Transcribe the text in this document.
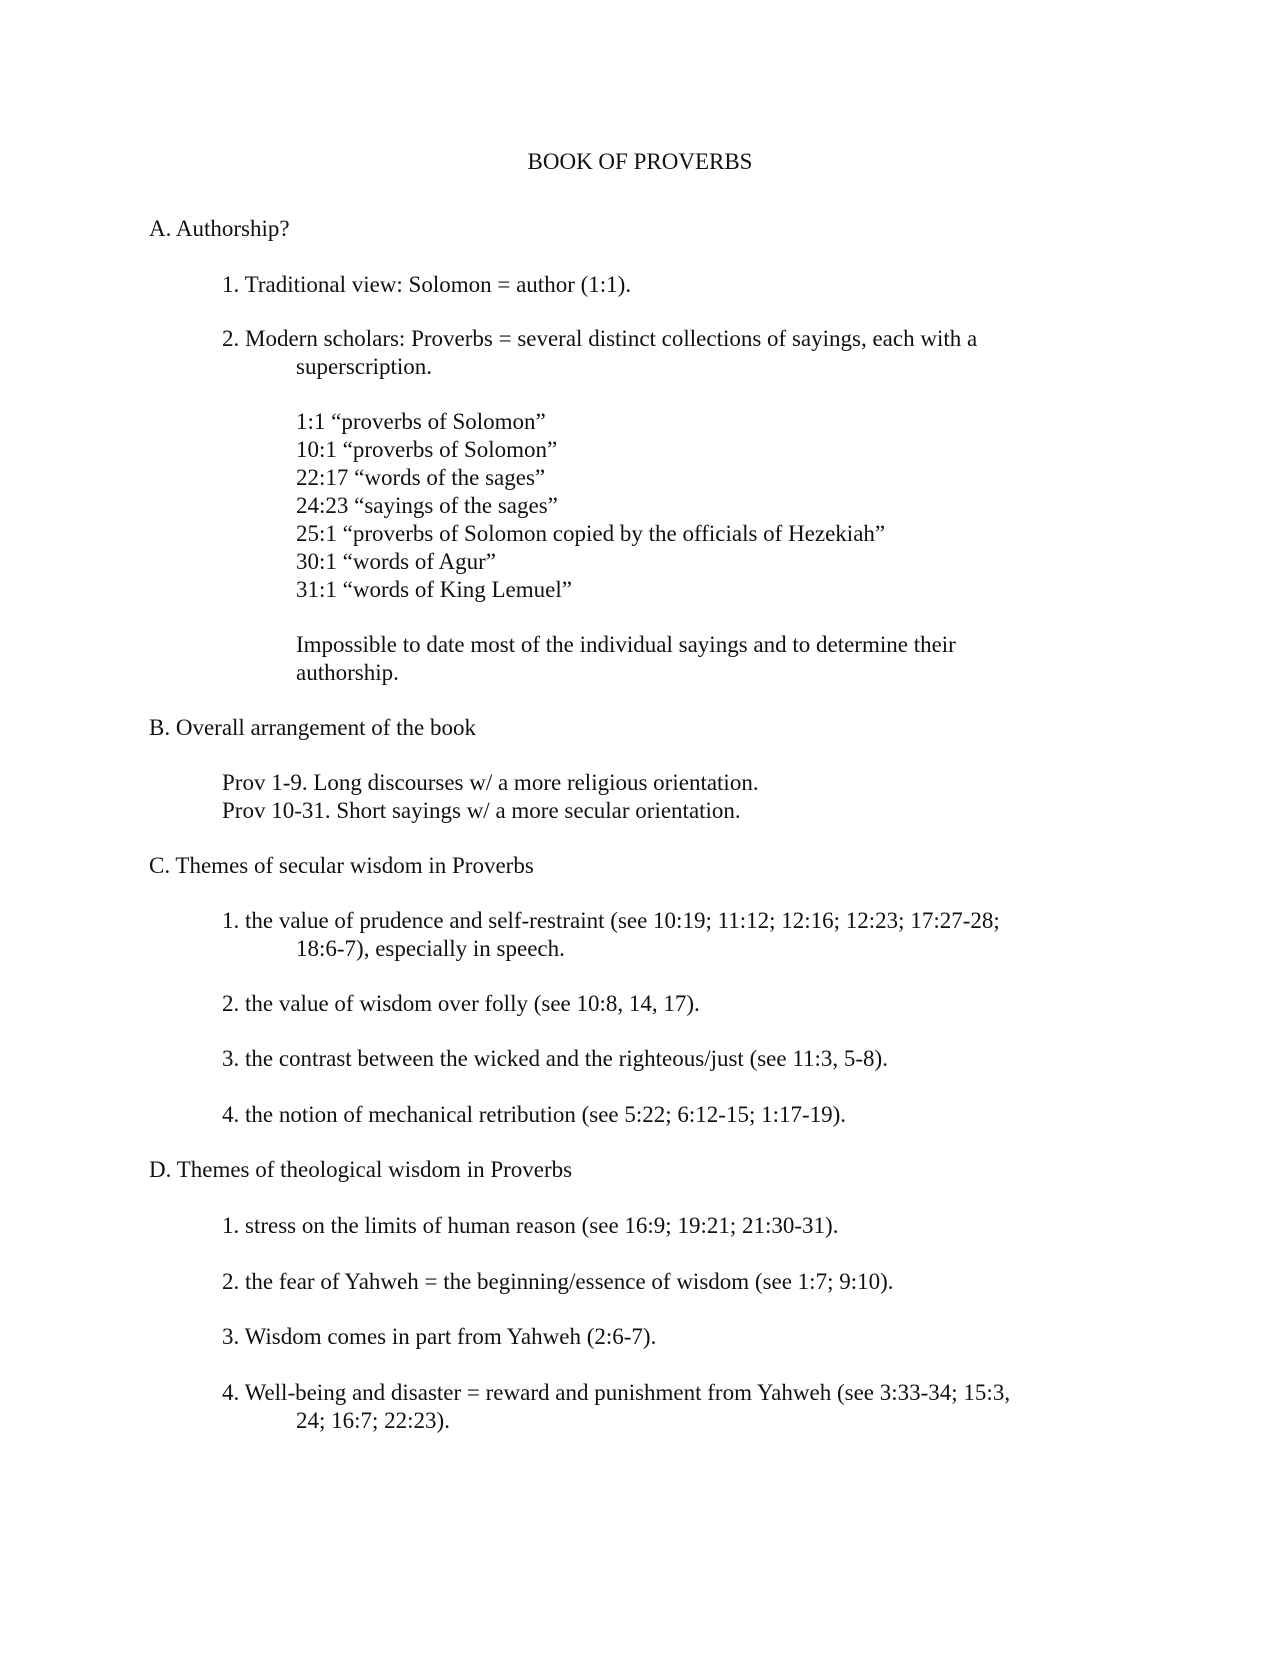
BOOK OF PROVERBS
A. Authorship?
1. Traditional view: Solomon = author (1:1).
2. Modern scholars: Proverbs = several distinct collections of sayings, each with a
superscription.
1:1 “proverbs of Solomon”
10:1 “proverbs of Solomon”
22:17 “words of the sages”
24:23 “sayings of the sages”
25:1 “proverbs of Solomon copied by the officials of Hezekiah”
30:1 “words of Agur”
31:1 “words of King Lemuel”
Impossible to date most of the individual sayings and to determine their
authorship.
B. Overall arrangement of the book
Prov 1-9. Long discourses w/ a more religious orientation.
Prov 10-31. Short sayings w/ a more secular orientation.
C. Themes of secular wisdom in Proverbs
1. the value of prudence and self-restraint (see 10:19; 11:12; 12:16; 12:23; 17:27-28;
18:6-7), especially in speech.
2. the value of wisdom over folly (see 10:8, 14, 17).
3. the contrast between the wicked and the righteous/just (see 11:3, 5-8).
4. the notion of mechanical retribution (see 5:22; 6:12-15; 1:17-19).
D. Themes of theological wisdom in Proverbs
1. stress on the limits of human reason (see 16:9; 19:21; 21:30-31).
2. the fear of Yahweh = the beginning/essence of wisdom (see 1:7; 9:10).
3. Wisdom comes in part from Yahweh (2:6-7).
4. Well-being and disaster = reward and punishment from Yahweh (see 3:33-34; 15:3,
24; 16:7; 22:23).
